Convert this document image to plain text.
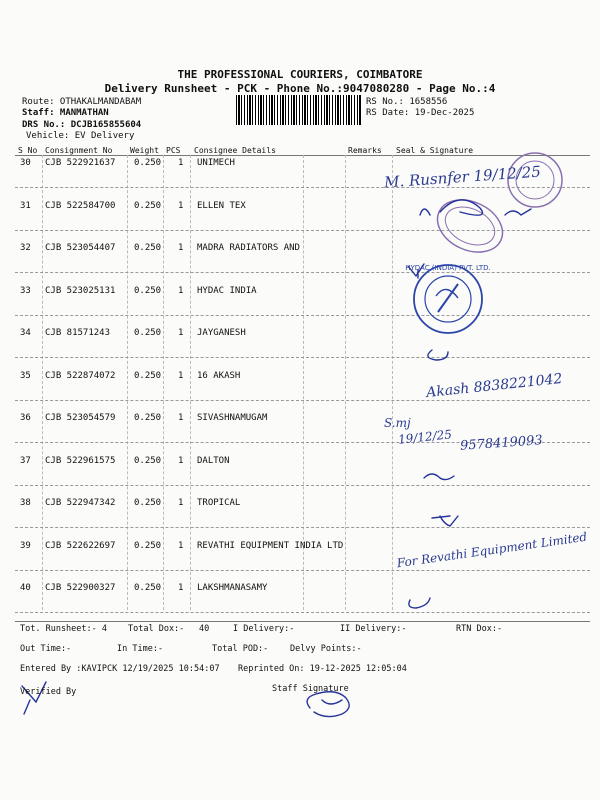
THE PROFESSIONAL COURIERS, COIMBATORE
Delivery Runsheet - PCK - Phone No.:9047080280 - Page No.:4
Route: OTHAKALMANDABAM
Staff: MANMATHAN
DRS No.: DCJB165855604
Vehicle: EV Delivery
RS No.: 1658556
RS Date: 19-Dec-2025
S No Consignment No Weight PCS Consignee Details	Remarks Seal & Signature
30 CJB 522921637 0.250 1 UNIMECH
31 CJB 522584700 0.250 1 ELLEN TEX
32 CJB 523054407 0.250 1 MADRA RADIATORS AND
33 CJB 523025131 0.250 1 HYDAC INDIA
34 CJB 81571243	0.250 1 JAYGANESH
35 CJB 522874072 0.250 1 16 AKASH
36 CJB 523054579 0.250 1 SIVASHNAMUGAM
37 CJB 522961575 0.250 1 DALTON
38 CJB 522947342 0.250 1 TROPICAL
39 CJB 522622697 0.250 1 REVATHI EQUIPMENT INDIA LTD
40 CJB 522900327 0.250 1 LAKSHMANASAMY
HYDAC (INDIA) PVT. LTD.
M. Rusnfer 19/12/25
Akash 8838221042
S.mj
19/12/25 9578419093
For Revathi Equipment Limited
Tot. Runsheet:- 4 Total Dox:- 40	I Delivery:-	II Delivery:-	RTN Dox:-
Out Time:-	In Time:-	Total POD:-	Delvy Points:-
Entered By :KAVIPCK 12/19/2025 10:54:07 Reprinted On: 19-12-2025 12:05:04
Verified By	Staff Signature
